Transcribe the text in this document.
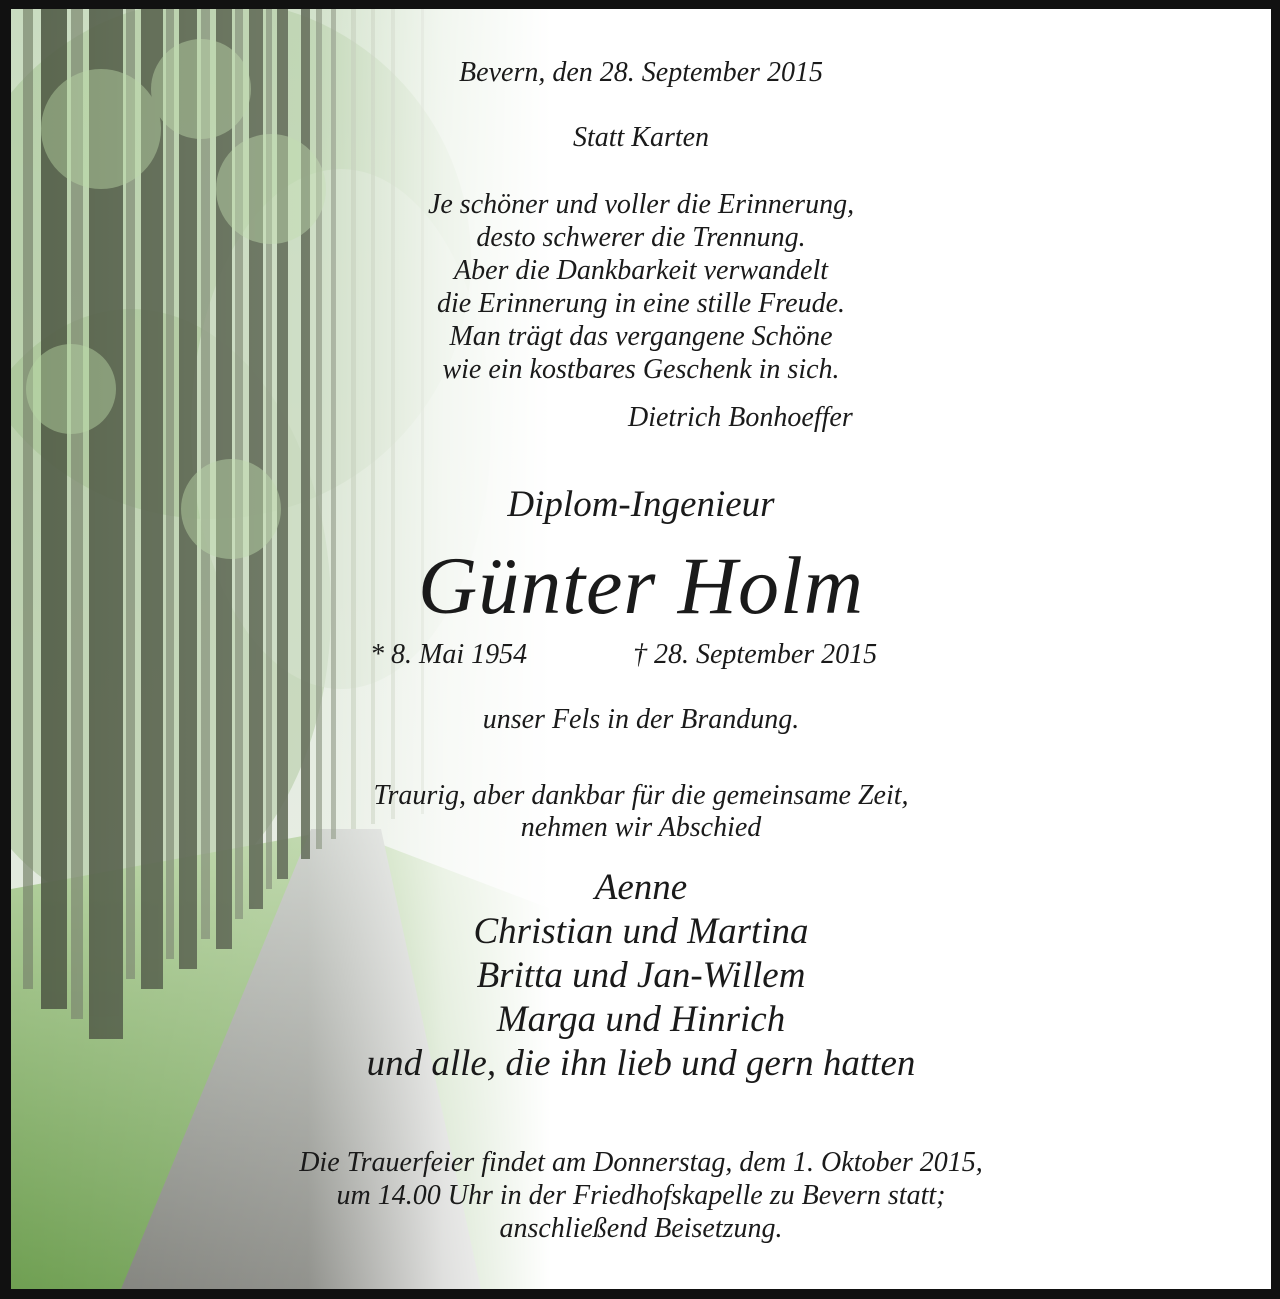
Bevern, den 28. September 2015
Statt Karten
Je schöner und voller die Erinnerung,
desto schwerer die Trennung.
Aber die Dankbarkeit verwandelt
die Erinnerung in eine stille Freude.
Man trägt das vergangene Schöne
wie ein kostbares Geschenk in sich.
Dietrich Bonhoeffer
Diplom-Ingenieur
Günter Holm
* 8. Mai 1954	† 28. September 2015
unser Fels in der Brandung.
Traurig, aber dankbar für die gemeinsame Zeit,
nehmen wir Abschied
Aenne
Christian und Martina
Britta und Jan-Willem
Marga und Hinrich
und alle, die ihn lieb und gern hatten
Die Trauerfeier findet am Donnerstag, dem 1. Oktober 2015,
um 14.00 Uhr in der Friedhofskapelle zu Bevern statt;
anschließend Beisetzung.
